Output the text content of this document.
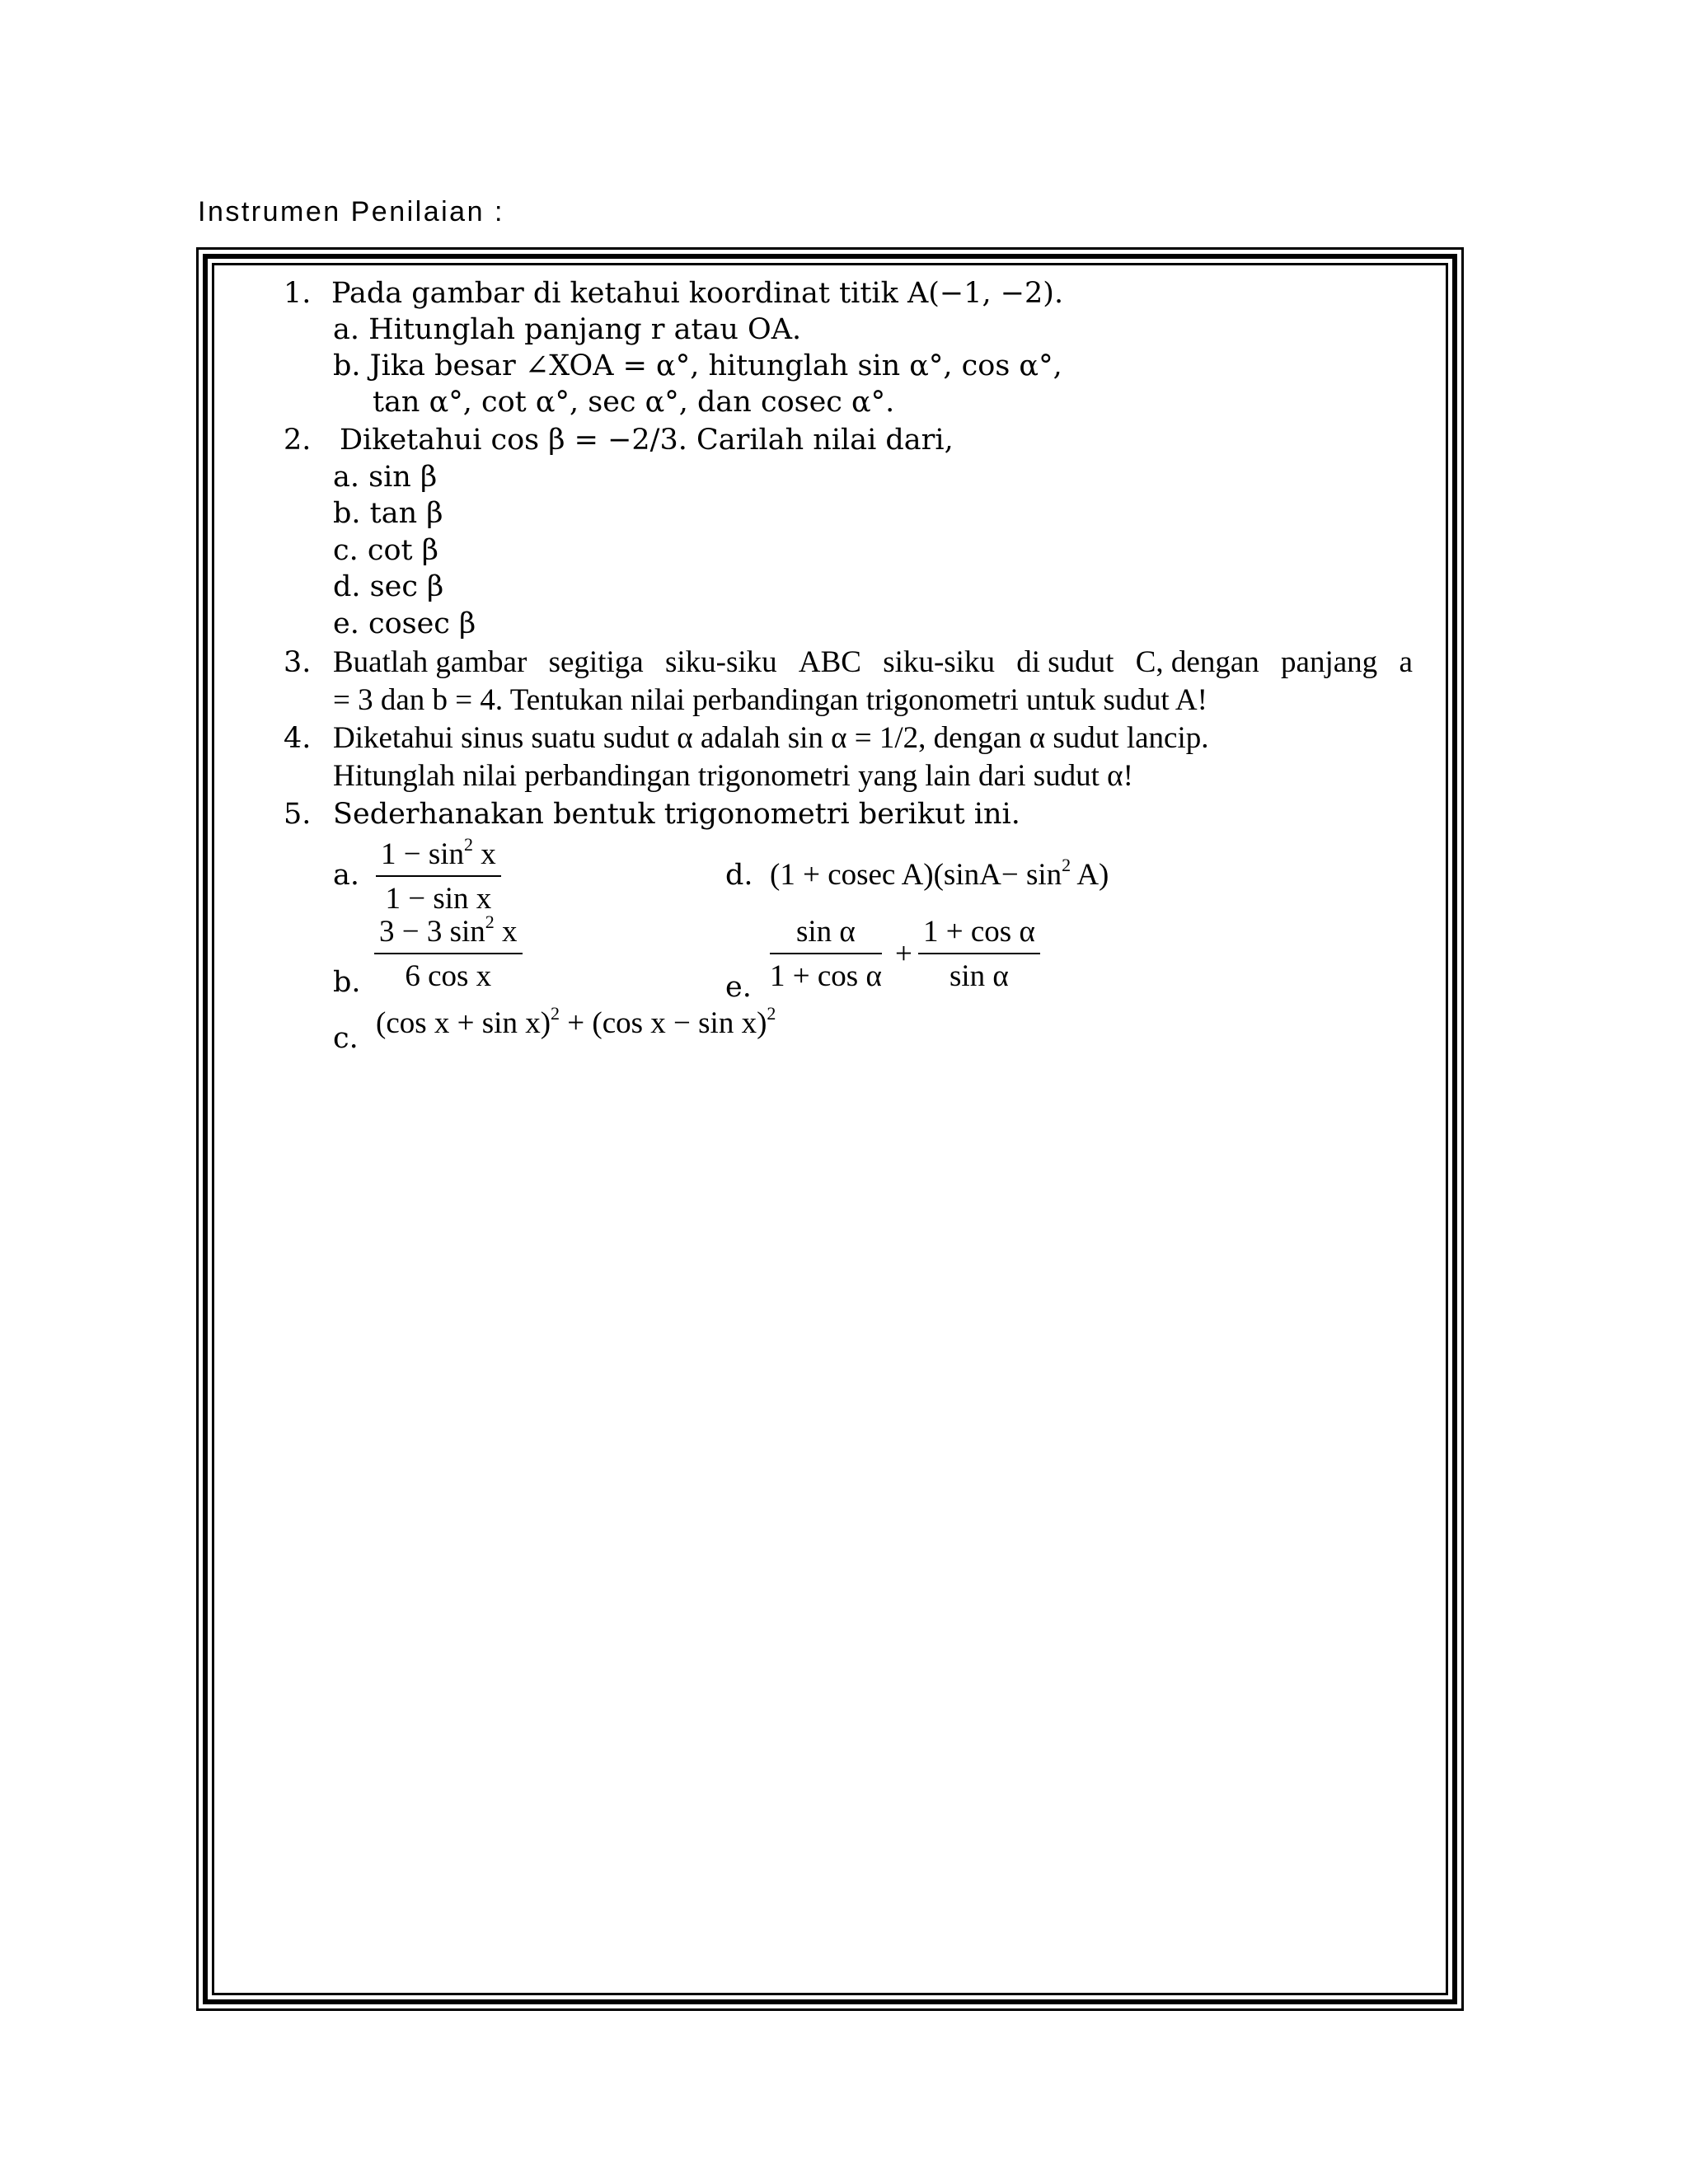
Instrumen Penilaian :
1. Pada gambar di ketahui koordinat titik A(−1, −2).
a. Hitunglah panjang r atau OA.
b. Jika besar ∠XOA = α°, hitunglah sin α°, cos α°,
tan α°, cot α°, sec α°, dan cosec α°.
2. Diketahui cos β = −2/3. Carilah nilai dari,
a. sin β
b. tan β
c. cot β
d. sec β
e. cosec β
3. Buatlah gambar segitiga siku-siku ABC siku-siku di sudut C, dengan panjang a
= 3 dan b = 4. Tentukan nilai perbandingan trigonometri untuk sudut A!
4. Diketahui sinus suatu sudut α adalah sin α = 1/2, dengan α sudut lancip.
Hitunglah nilai perbandingan trigonometri yang lain dari sudut α!
5. Sederhanakan bentuk trigonometri berikut ini.
a. $\frac{1 - \sin^2 x}{\text{1 − sin x}}$
$\frac{3 - 3 \sin^2 x}{\text{6 cos x}}$
b.
(cos x + sin x)$^2$ + (cos x − sin x)$^2$
c.
d. (1 + cosec $A)(\sin A- \sin^2 A)$
e. $\frac{\text{sin α}}{\text{1 + cos α}} + \frac{\text{1 + cos α}}{\text{sin α}}$
